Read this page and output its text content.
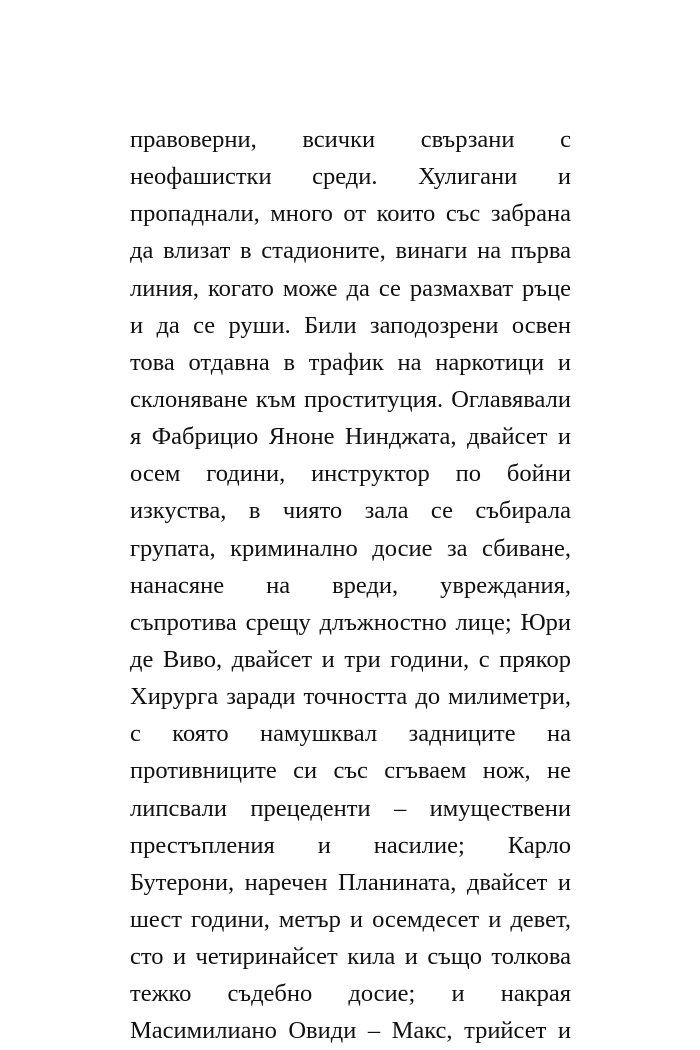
правоверни, всички свързани с
неофашистки среди. Хулигани и
пропаднали, много от които със забрана
да влизат в стадионите, винаги на първа
линия, когато може да се размахват ръце
и да се руши. Били заподозрени освен
това отдавна в трафик на наркотици и
склоняване към проституция. Оглавявали
я Фабрицио Яноне Нинджата, двайсет и
осем години, инструктор по бойни
изкуства, в чиято зала се събирала
групата, криминално досие за сбиване,
нанасяне на вреди, увреждания,
съпротива срещу длъжностно лице; Юри
де Виво, двайсет и три години, с прякор
Хирурга заради точността до милиметри,
с която намушквал задниците на
противниците си със сгъваем нож, не
липсвали прецеденти – имуществени
престъпления и насилие; Карло
Бутерони, наречен Планината, двайсет и
шест години, метър и осемдесет и девет,
сто и четиринайсет кила и също толкова
тежко съдебно досие; и накрая
Масимилиано Овиди – Макс, трийсет и
